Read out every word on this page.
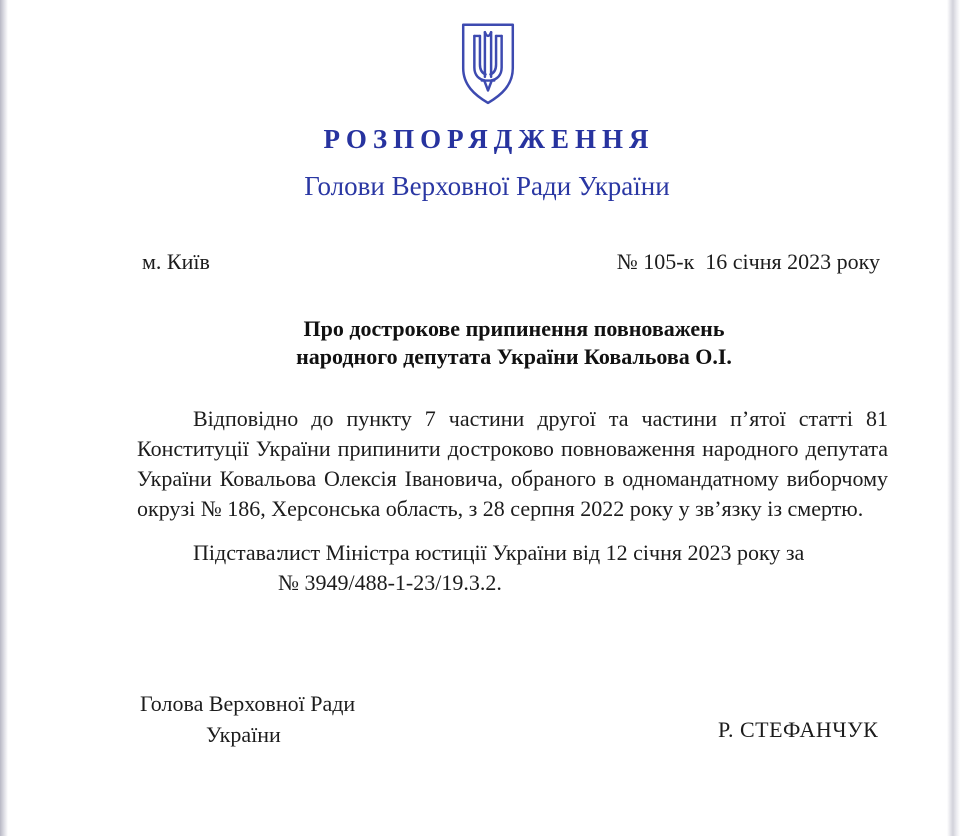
РОЗПОРЯДЖЕННЯ
Голови Верховної Ради України
м. Київ	№ 105-к  16 січня 2023 року
Про дострокове припинення повноважень
народного депутата України Ковальова О.І.
Відповідно до пункту 7 частини другої та частини п’ятої статті 81
Конституції України припинити достроково повноваження народного депутата
України Ковальова Олексія Івановича, обраного в одномандатному виборчому
окрузі № 186, Херсонська область, з 28 серпня 2022 року у зв’язку із смертю.
Підстава:
лист Міністра юстиції України від 12 січня 2023 року за
№ 3949/488-1-23/19.3.2.
Голова Верховної Ради
України	Р. СТЕФАНЧУК
